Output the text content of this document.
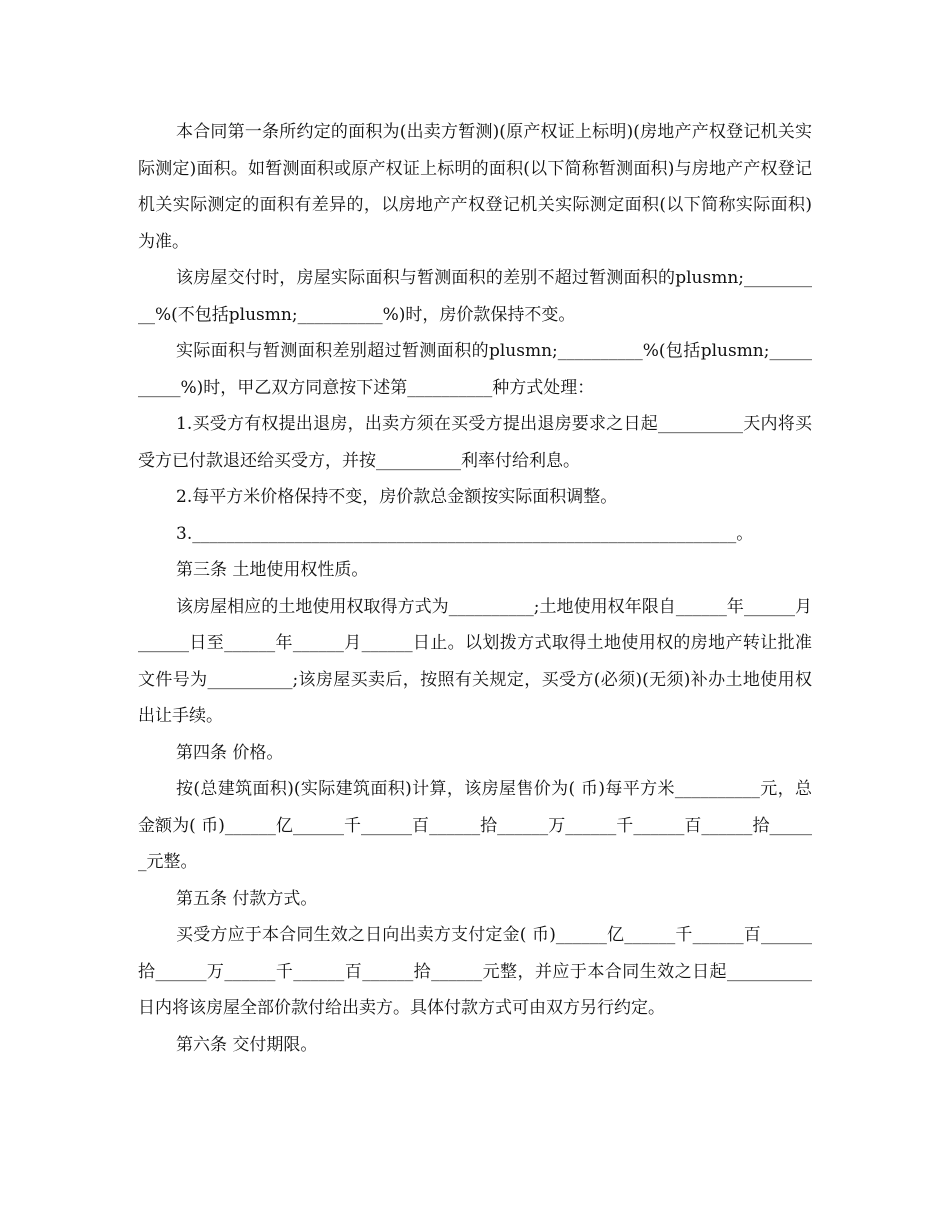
本合同第一条所约定的面积为(出卖方暂测)(原产权证上标明)(房地产产权登记机关实际测定)面积。如暂测面积或原产权证上标明的面积(以下简称暂测面积)与房地产产权登记机关实际测定的面积有差异的，以房地产产权登记机关实际测定面积(以下简称实际面积)为准。

该房屋交付时，房屋实际面积与暂测面积的差别不超过暂测面积的plusmn;__________%(不包括plusmn;__________%)时，房价款保持不变。

实际面积与暂测面积差别超过暂测面积的plusmn;__________%(包括plusmn;__________%)时，甲乙双方同意按下述第__________种方式处理：

1.买受方有权提出退房，出卖方须在买受方提出退房要求之日起__________天内将买受方已付款退还给买受方，并按__________利率付给利息。

2.每平方米价格保持不变，房价款总金额按实际面积调整。

3.________________________________________________________________。

第三条 土地使用权性质。

该房屋相应的土地使用权取得方式为__________;土地使用权年限自______年______月______日至______年______月______日止。以划拨方式取得土地使用权的房地产转让批准文件号为__________;该房屋买卖后，按照有关规定，买受方(必须)(无须)补办土地使用权出让手续。

第四条 价格。

按(总建筑面积)(实际建筑面积)计算，该房屋售价为( 币)每平方米__________元，总金额为( 币)______亿______千______百______拾______万______千______百______拾______元整。

第五条 付款方式。

买受方应于本合同生效之日向出卖方支付定金( 币)______亿______千______百______拾______万______千______百______拾______元整，并应于本合同生效之日起__________日内将该房屋全部价款付给出卖方。具体付款方式可由双方另行约定。

第六条 交付期限。
